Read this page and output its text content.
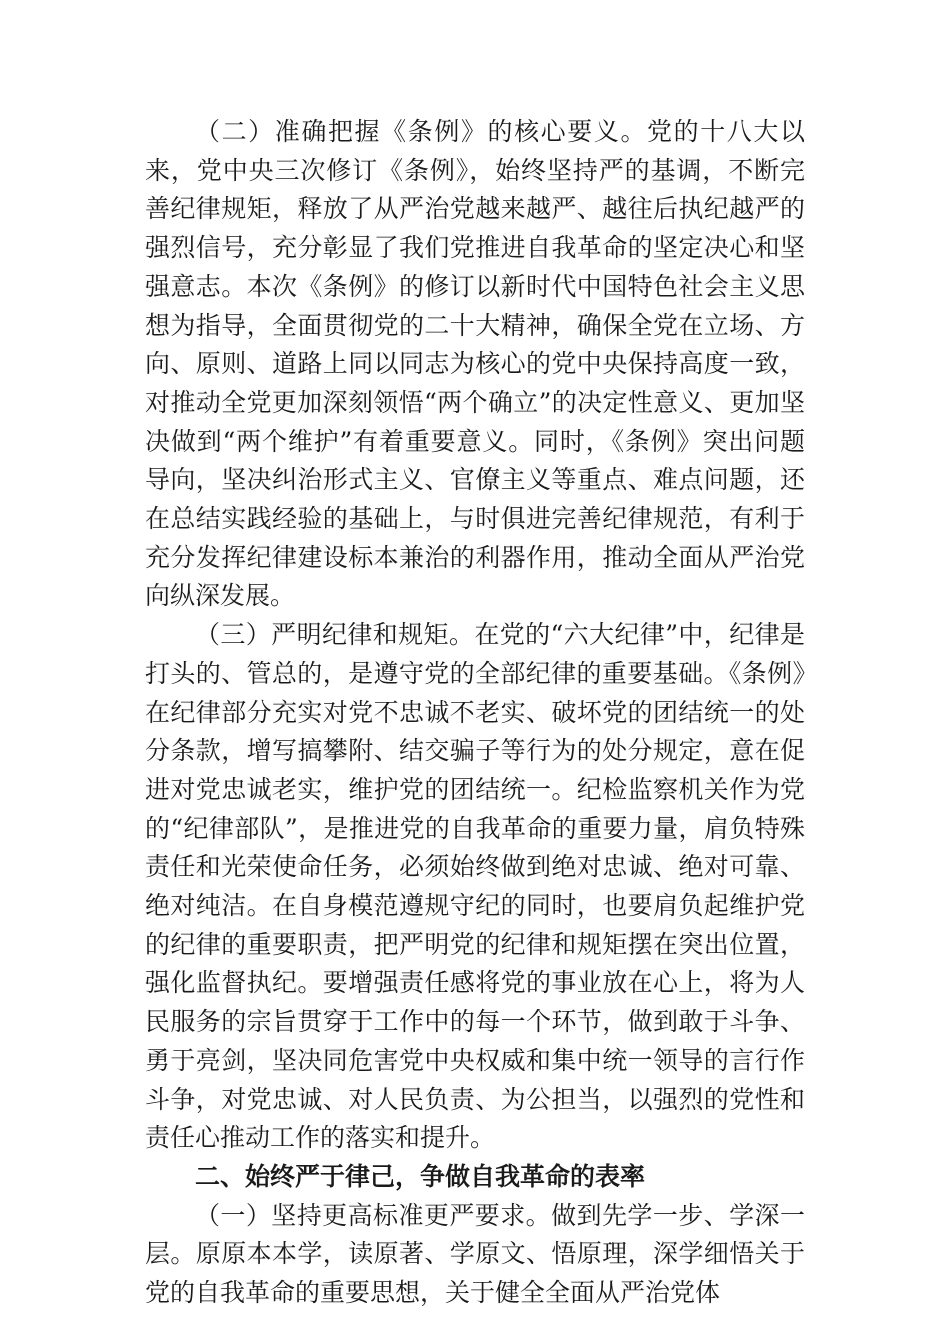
（二）准确把握《条例》的核心要义。党的十八大以来，党中央三次修订《条例》，始终坚持严的基调，不断完善纪律规矩，释放了从严治党越来越严、越往后执纪越严的强烈信号，充分彰显了我们党推进自我革命的坚定决心和坚强意志。本次《条例》的修订以新时代中国特色社会主义思想为指导，全面贯彻党的二十大精神，确保全党在立场、方向、原则、道路上同以同志为核心的党中央保持高度一致，对推动全党更加深刻领悟“两个确立”的决定性意义、更加坚决做到“两个维护”有着重要意义。同时，《条例》突出问题导向，坚决纠治形式主义、官僚主义等重点、难点问题，还在总结实践经验的基础上，与时俱进完善纪律规范，有利于充分发挥纪律建设标本兼治的利器作用，推动全面从严治党向纵深发展。

（三）严明纪律和规矩。在党的“六大纪律”中，纪律是打头的、管总的，是遵守党的全部纪律的重要基础。《条例》在纪律部分充实对党不忠诚不老实、破坏党的团结统一的处分条款，增写搞攀附、结交骗子等行为的处分规定，意在促进对党忠诚老实，维护党的团结统一。纪检监察机关作为党的“纪律部队”，是推进党的自我革命的重要力量，肩负特殊责任和光荣使命任务，必须始终做到绝对忠诚、绝对可靠、绝对纯洁。在自身模范遵规守纪的同时，也要肩负起维护党的纪律的重要职责，把严明党的纪律和规矩摆在突出位置，强化监督执纪。要增强责任感将党的事业放在心上，将为人民服务的宗旨贯穿于工作中的每一个环节，做到敢于斗争、勇于亮剑，坚决同危害党中央权威和集中统一领导的言行作斗争，对党忠诚、对人民负责、为公担当，以强烈的党性和责任心推动工作的落实和提升。

二、始终严于律己，争做自我革命的表率

（一）坚持更高标准更严要求。做到先学一步、学深一层。原原本本学，读原著、学原文、悟原理，深学细悟关于党的自我革命的重要思想，关于健全全面从严治党体
